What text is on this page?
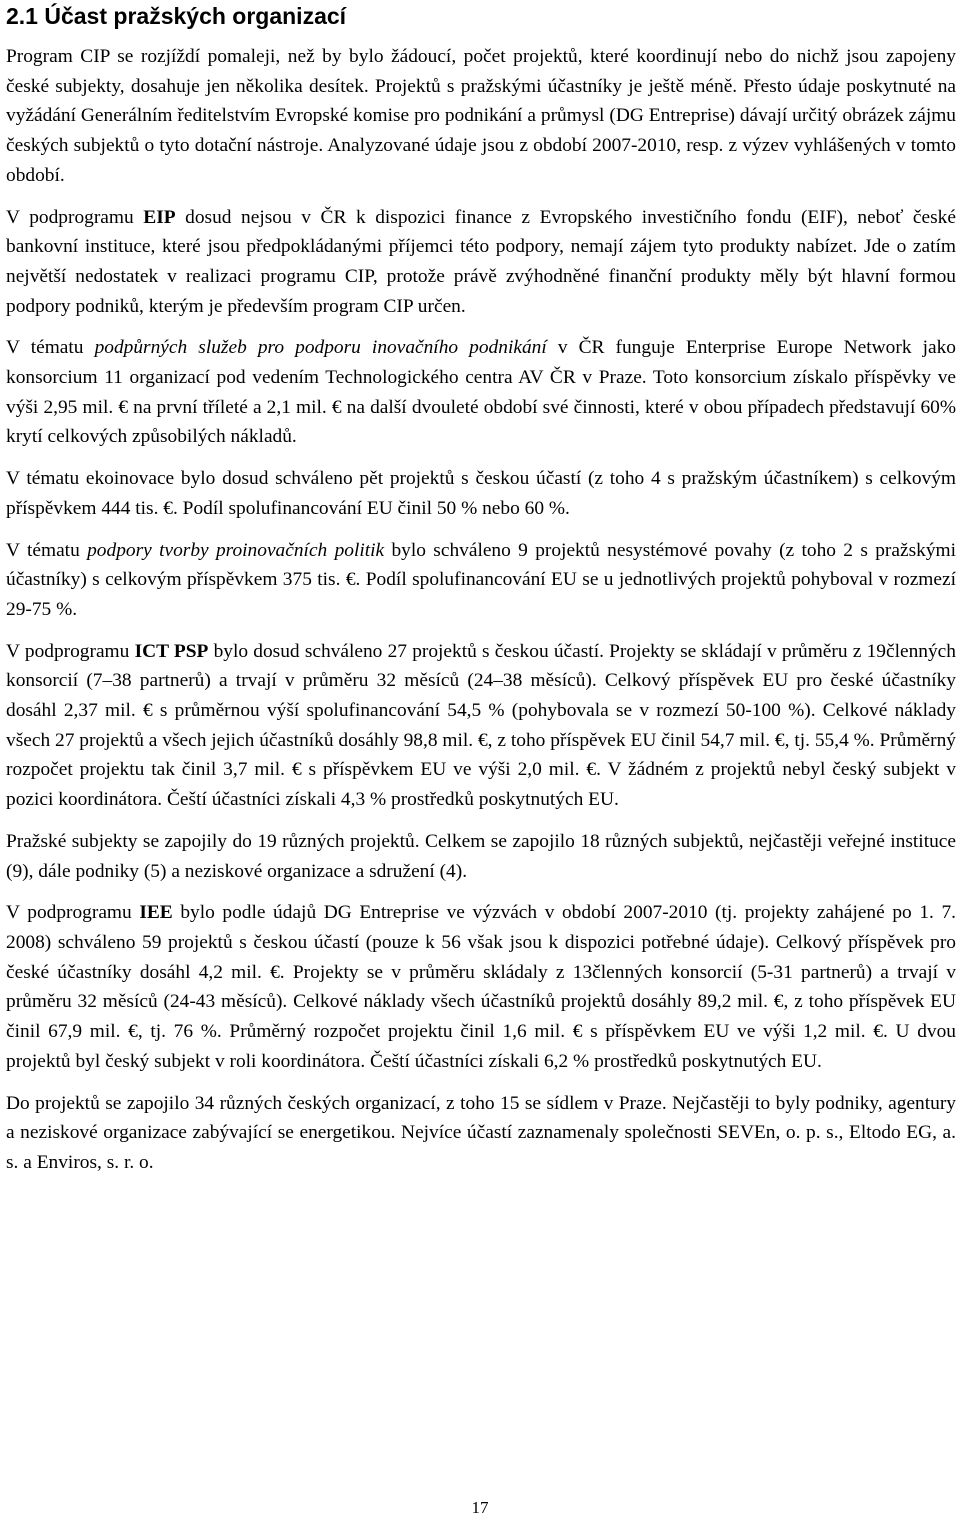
2.1 Účast pražských organizací

Program CIP se rozjíždí pomaleji, než by bylo žádoucí, počet projektů, které koordinují nebo do nichž jsou zapojeny české subjekty, dosahuje jen několika desítek. Projektů s pražskými účastníky je ještě méně. Přesto údaje poskytnuté na vyžádání Generálním ředitelstvím Evropské komise pro podnikání a průmysl (DG Entreprise) dávají určitý obrázek zájmu českých subjektů o tyto dotační nástroje. Analyzované údaje jsou z období 2007-2010, resp. z výzev vyhlášených v tomto období.

V podprogramu EIP dosud nejsou v ČR k dispozici finance z Evropského investičního fondu (EIF), neboť české bankovní instituce, které jsou předpokládanými příjemci této podpory, nemají zájem tyto produkty nabízet. Jde o zatím největší nedostatek v realizaci programu CIP, protože právě zvýhodněné finanční produkty měly být hlavní formou podpory podniků, kterým je především program CIP určen.

V tématu podpůrných služeb pro podporu inovačního podnikání v ČR funguje Enterprise Europe Network jako konsorcium 11 organizací pod vedením Technologického centra AV ČR v Praze. Toto konsorcium získalo příspěvky ve výši 2,95 mil. € na první tříleté a 2,1 mil. € na další dvouleté období své činnosti, které v obou případech představují 60% krytí celkových způsobilých nákladů.

V tématu ekoinovace bylo dosud schváleno pět projektů s českou účastí (z toho 4 s pražským účastníkem) s celkovým příspěvkem 444 tis. €. Podíl spolufinancování EU činil 50 % nebo 60 %.

V tématu podpory tvorby proinovačních politik bylo schváleno 9 projektů nesystémové povahy (z toho 2 s pražskými účastníky) s celkovým příspěvkem 375 tis. €. Podíl spolufinancování EU se u jednotlivých projektů pohyboval v rozmezí 29-75 %.

V podprogramu ICT PSP bylo dosud schváleno 27 projektů s českou účastí. Projekty se skládají v průměru z 19členných konsorcií (7–38 partnerů) a trvají v průměru 32 měsíců (24–38 měsíců). Celkový příspěvek EU pro české účastníky dosáhl 2,37 mil. € s průměrnou výší spolufinancování 54,5 % (pohybovala se v rozmezí 50-100 %). Celkové náklady všech 27 projektů a všech jejich účastníků dosáhly 98,8 mil. €, z toho příspěvek EU činil 54,7 mil. €, tj. 55,4 %. Průměrný rozpočet projektu tak činil 3,7 mil. € s příspěvkem EU ve výši 2,0 mil. €. V žádném z projektů nebyl český subjekt v pozici koordinátora. Čeští účastníci získali 4,3 % prostředků poskytnutých EU.

Pražské subjekty se zapojily do 19 různých projektů. Celkem se zapojilo 18 různých subjektů, nejčastěji veřejné instituce (9), dále podniky (5) a neziskové organizace a sdružení (4).

V podprogramu IEE bylo podle údajů DG Entreprise ve výzvách v období 2007-2010 (tj. projekty zahájené po 1. 7. 2008) schváleno 59 projektů s českou účastí (pouze k 56 však jsou k dispozici potřebné údaje). Celkový příspěvek pro české účastníky dosáhl 4,2 mil. €. Projekty se v průměru skládaly z 13členných konsorcií (5-31 partnerů) a trvají v průměru 32 měsíců (24-43 měsíců). Celkové náklady všech účastníků projektů dosáhly 89,2 mil. €, z toho příspěvek EU činil 67,9 mil. €, tj. 76 %. Průměrný rozpočet projektu činil 1,6 mil. € s příspěvkem EU ve výši 1,2 mil. €. U dvou projektů byl český subjekt v roli koordinátora. Čeští účastníci získali 6,2 % prostředků poskytnutých EU.

Do projektů se zapojilo 34 různých českých organizací, z toho 15 se sídlem v Praze. Nejčastěji to byly podniky, agentury a neziskové organizace zabývající se energetikou. Nejvíce účastí zaznamenaly společnosti SEVEn, o. p. s., Eltodo EG, a. s. a Enviros, s. r. o.

17
